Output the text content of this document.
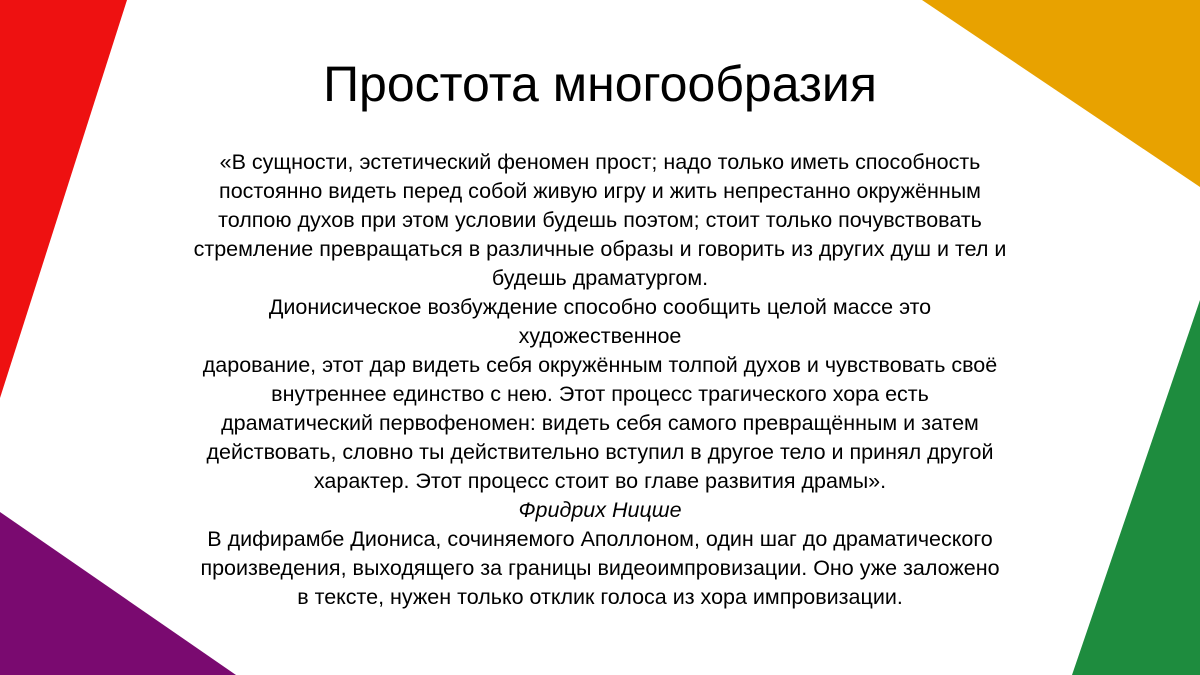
Простота многообразия
«В сущности, эстетический феномен прост; надо только иметь способность
постоянно видеть перед собой живую игру и жить непрестанно окружённым
толпою духов при этом условии будешь поэтом; стоит только почувствовать
стремление превращаться в различные образы и говорить из других душ и тел и
будешь драматургом.
Дионисическое возбуждение способно сообщить целой массе это
художественное
дарование, этот дар видеть себя окружённым толпой духов и чувствовать своё
внутреннее единство с нею. Этот процесс трагического хора есть
драматический первофеномен: видеть себя самого превращённым и затем
действовать, словно ты действительно вступил в другое тело и принял другой
характер. Этот процесс стоит во главе развития драмы».
Фридрих Ницше
В дифирамбе Диониса, сочиняемого Аполлоном, один шаг до драматического
произведения, выходящего за границы видеоимпровизации. Оно уже заложено
в тексте, нужен только отклик голоса из хора импровизации.
